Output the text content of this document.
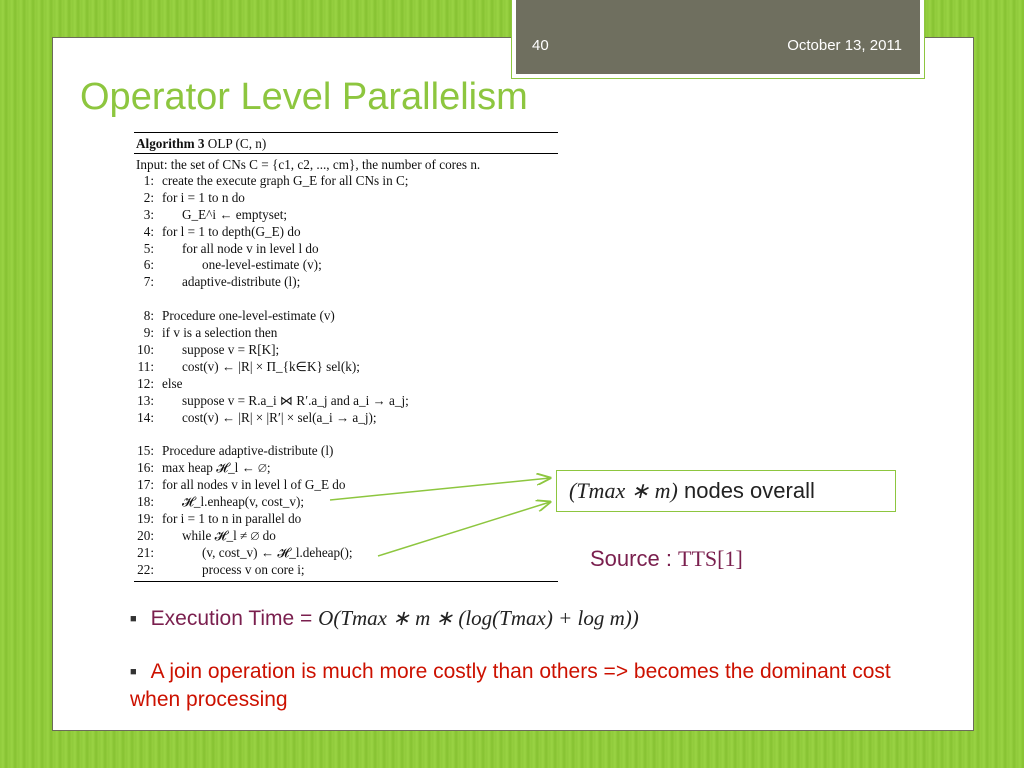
40	October 13, 2011
Operator Level Parallelism
Algorithm 3 OLP (C, n)
Input: the set of CNs C = {c1, c2, ..., cm}, the number of cores n.
1: create the execute graph G_E for all CNs in C;
2: for i = 1 to n do
3:	G_E^i ← emptyset;
4: for l = 1 to depth(G_E) do
5:	for all node v in level l do
6:	one-level-estimate (v);
7:	adaptive-distribute (l);
8: Procedure one-level-estimate (v)
9: if v is a selection then
10:	suppose v = R[K];
11:	cost(v) ← |R| × Π_{k∈K} sel(k);
12: else
13:	suppose v = R.a_i ⋈ R′.a_j and a_i → a_j;
14:	cost(v) ← |R| × |R′| × sel(a_i → a_j);
15: Procedure adaptive-distribute (l)
16: max heap 𝓗_l ← ∅;
17: for all nodes v in level l of G_E do
18:	𝓗_l.enheap(v, cost_v);
19: for i = 1 to n in parallel do
20:	while 𝓗_l ≠ ∅ do
21:	(v, cost_v) ← 𝓗_l.deheap();
22:	process v on core i;
(Tmax ∗ m) nodes overall
Source : TTS[1]
■ Execution Time = O(Tmax ∗ m ∗ (log(Tmax) + log m))
■ A join operation is much more costly than others => becomes the dominant cost when processing
